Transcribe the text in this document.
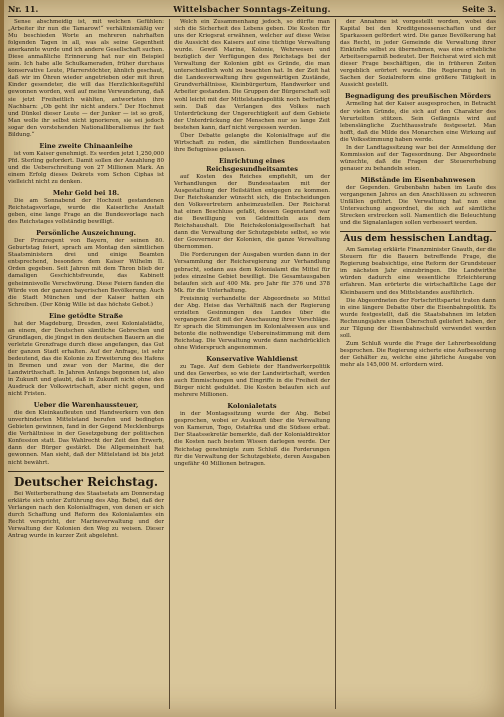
Nr. 11.	Wittelsbacher Sonntags-Zeitung.	Seite 3.

Sense abschmeidig ist, mit welchen Gefühlen: „Arbeiter ihr nun die Tamarow!“ verhältnismäßig ver Mu beschieden Worte an mehreren nahrhaften folgenden Tagen in all, was als seine Gegentheit anerkannte wurde und ich andere Gesellschaft suchen. Diese anmaßliche Erinnerung hat nur ein Beispiel sein. Ich habe alle Schulkameraden, früher durchaus konservative Leute, Pfarrerstöchter, ähnlich geschaut, daß wir im Öhren wieder angetrieben oder mit ihren Kinder gesendeter, die will das Herzlichkeitsgefühl gewonnen worden, weil auf meine Verwunderung, daß sie jetzt Freiheitlich wählten, antworteten ihre Nachbarn: „Ob geht ihr nicht anders.“ Der Hochmut und Dünkel dieser Leute — der Junker — ist so groß, Man wolle ihr selbst nicht ignorieren, sie sei jedoch sogar den vorstehenden Nationalliberalismus ihr fast Bildung.“

Eine zweite Chinaanleihe

ist vom Kaiser genehmigt. Es werden jetzt 1,250,000 Pfd. Sterling gefordert. Damit sollen der Anzahlung 80 und die Ueberschreitung von 27 Millionen Mark. An einem Erfolg dieses Dekrets vom Schon Ciphas ist vielleicht nicht zu denken.

Mehr Geld bei 18.

Die am Sonnabend der Hochzeit gestandenen Reichstagsvorlage, wurde die Kaiserliche Anstalt geben, eine lange Frage an die Bundesvorlage nach des Reichstages vollständig bewilligt.

Persönliche Auszeichnung.

Der Prinzregent von Bayern, der seinen 80. Geburtstag feiert, sprach am Montag den sämtlichen Staatsministern drei und einige Beamten entsprechend, besonders dem Kaiser Wilhelm II. Orden gegeben. Seit Jahren mit dem Thron blieb der damaligen Geschichtsfreunde, das Kabinett geheimnisvolle Verschwörung. Diese Feiern fanden die Würde von der ganzen bayerischen Bevölkerung. Auch die Stadt München und der Kaiser hatten ein Schreiben. (Der König Wille ist das höchste Gebot.)

Eine getödte Straße

hat der Magdeburg, Dresden, zwei Kolonialstädte, an einem, der Deutschen sämtliche Gebrechen und Grundlagen, die jüngst in den deutschen Bauern an die verletzte Grenzfrage durch diese angefangen, das Gut der ganzen Stadt erhalten. Auf der Anfrage, ist sehr bedeutend, das die Kolonie zu Erweiterung des Hafens in Bremen und zwar von der Marine, die der Landwirthschaft. In Jahren Anfangs begonnen ist, also in Zukunft und glaubt, daß in Zukunft nicht ohne den Ausdruck der Volkswirtschaft, aber nicht gegen, und nicht Fristen.

Ueber die Warenhaussteuer,

die den Kleinkaufleuten und Handwerkern von den unverhinderten Mittelstand berufen und bedingten Gebieten gewinnen, fand in der Gegend Mecklenburgs die Verhältnisse in der Gesetzgebung der politischen Konfession statt. Das Wahlrecht der Zeit den Erwerb, dann der Bürger gestärkt. Die Allgemeinheit hat gewonnen. Man sieht, daß der Mittelstand ist bis jetzt nicht bewährt.

Deutscher Reichstag.

Bei Weiterberathung des Staatsetats am Donnerstag erklärte sich unter Zuführung des Abg. Bebel, daß der Verlangen nach den Kolonialfragen, von denen er sich durch Schaffung und Reform des Kolonialamtes ein Recht verspricht, der Marineverwaltung und der Verwaltung der Kolonien den Weg zu weisen. Dieser Antrag wurde in kurzer Zeit abgelehnt.

Welch ein Zusammenhang jedoch, so dürfte man sich die Sicherheit des Lebens geben. Die Kosten für uns der Kriegsrat erwähnen, welcher auf diese Weise die Aussicht des Kaisers auf eine tüchtige Verwaltung wurde. Gewiß Marine, Kolonie, Wehrwesen und bezüglich der Verfügungen des Reichstags bei der Verwaltung der Kolonien gibt es Gründe, die man unterschiedlich wohl zu beachten hat. In der Zeit hat die Landesverwaltung ihre gegenwärtigen Zustände, Grundverhältnisse, Kleinbürgertum, Handwerker und Arbeiter gestanden. Die Gruppen der Bürgerschaft soll wohl leicht mit der Mittelstandspolitik noch befriedigt sein. Daß das Verlangen des Volkes nach Unterdrückung der Ungerechtigkeit auf dem Gebiete der Unterdrückung der Menschen nur so lange Zeit bestehen kann, darf nicht vergessen werden.

Über Debatte gelangte die Kolonialfrage auf die Wirtschaft zu reden, die sämtlichen Bundesstaaten ihre Befugnisse gelassen.

Einrichtung eines Reichsgesundheitsamtes

auf Kosten des Reiches empfiehlt, um der Verhandlungen der Bundesstaaten mit der Ausgestaltung der Heilstätten entgegen zu kommen. Der Reichskanzler wünscht sich, die Entscheidungen den Volksvertretern anheimzustellen. Der Reichsrat hat einen Beschluss gefaßt, dessen Gegenstand war die Bewilligung von Geldmitteln aus dem Reichshaushalt. Die Reichskolonialgesellschaft hat dann die Verwaltung der Schutzgebiete selbst, so wie der Gouverneur der Kolonien, die ganze Verwaltung übernommen.

Die Forderungen der Ausgaben wurden dann in der Versammlung der Reichsregierung zur Verhandlung gebracht, sodann aus dem Kolonialamt die Mittel für jedes einzelne Gebiet bewilligt. Die Gesamtausgaben belaufen sich auf 400 Mk. pro Jahr für 376 und 378 Mk. für die Unterhaltung.

Freisinnig verhandelte der Abgeordnete so Mittel der Abg. Heise das Verhältniß nach der Regierung erzielten Gesinnungen des Landes über die vergangene Zeit mit der Anschauung ihrer Vorschläge. Er sprach die Stimmungen im Kolonialwesen aus und betonte die nothwendige Uebereinstimmung mit dem Reichstag. Die Verwaltung wurde dann nachdrücklich ohne Widerspruch angenommen.

Konservative Wahldienst

zu Tage. Auf dem Gebiete der Handwerkerpolitik und des Gewerbes, so wie der Landwirtschaft, werden auch Einmischungen und Eingriffe in die Freiheit der Bürger nicht geduldet. Die Kosten belaufen sich auf mehrere Millionen.

Kolonialetats

in der Montagssitzung wurde der Abg. Bebel gesprochen, wobei er Auskunft über die Verwaltung von Kamerun, Togo, Ostafrika und die Südsee erbat. Der Staatssekretär bemerkte, daß der Kolonialdirektor die Kosten nach bestem Wissen darlegen werde. Der Reichstag genehmigte zum Schluß die Forderungen für die Verwaltung der Schutzgebiete, deren Ausgaben ungefähr 40 Millionen betragen.

der Annahme ist vorgestellt worden, wobei das Kapital bei den Kreditgenossenschaften und der Sparkassen gefördert wird. Die ganze Bevölkerung hat das Recht, in jeder Gemeinde die Verwaltung ihrer Einkünfte selbst zu übernehmen, was eine erhebliche Arbeitsersparniß bedeutet. Der Reichsrat wird sich mit dieser Frage beschäftigen, die in früheren Zeiten vergeblich erörtert wurde. Die Regierung hat in Sachen der Sozialreform eine größere Tätigkeit in Aussicht gestellt.

Begnadigung des preußischen Mörders

Armeling hat der Kaiser ausgesprochen, in Betracht der vielen Gründe, die sich auf den Charakter des Verurteilten stützen. Sein Gefängnis wird auf lebenslängliche Zuchthausstrafe festgesetzt. Man hofft, daß die Milde des Monarchen eine Wirkung auf die Volksstimmung haben werde.

In der Landtagssitzung war bei der Anmeldung der Kommission auf der Tagesordnung. Der Abgeordnete wünschte, daß die Fragen der Steuererhebung genauer zu behandeln seien.

Mißstände im Eisenbahnwesen

der Gegenden. Grubenbahn haben im Laufe des vergangenen Jahres an den Anschlüssen zu schweren Unfällen geführt. Die Verwaltung hat nun eine Untersuchung angeordnet, die sich auf sämtliche Strecken erstrecken soll. Namentlich die Beleuchtung und die Signalanlagen sollen verbessert werden.

Aus dem hessischen Landtag.

Am Samstag erklärte Finanzminister Gnauth, der die Steuern für die Bauern betreffende Frage, die Regierung beabsichtige, eine Reform der Grundsteuer im nächsten Jahr einzubringen. Die Landwirthe würden dadurch eine wesentliche Erleichterung erfahren. Man erörterte die wirtschaftliche Lage der Kleinbauern und des Mittelstandes ausführlich.

Die Abgeordneten der Fortschrittspartei traten dann in eine längere Debatte über die Eisenbahnpolitik. Es wurde festgestellt, daß die Staatsbahnen im letzten Rechnungsjahre einen Überschuß geliefert haben, der zur Tilgung der Eisenbahnschuld verwendet werden soll.

Zum Schluß wurde die Frage der Lehrerbesoldung besprochen. Die Regierung sicherte eine Aufbesserung der Gehälter zu, welche eine jährliche Ausgabe von mehr als 145,000 M. erfordern wird.
